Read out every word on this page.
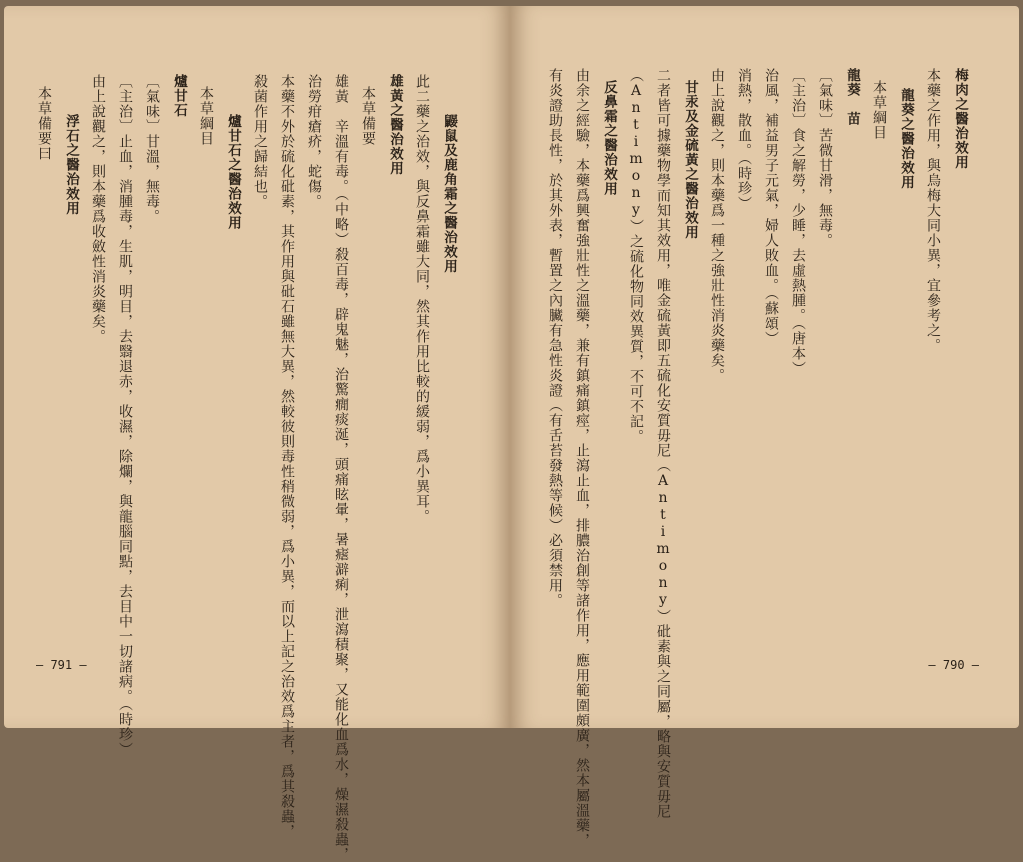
鼹鼠及鹿角霜之醫治效用
此二藥之治效，與反鼻霜雖大同，然其作用比較的緩弱，爲小異耳。
雄黃之醫治效用
本草備要
雄黃　辛溫有毒。（中略）殺百毒，辟鬼魅，治驚癇痰涎，頭痛眩暈，暑瘧澼痢，泄瀉積聚，又能化血爲水，燥濕殺蟲，
治勞疳瘡疥，蛇傷。
本藥不外於硫化砒素，其作用與砒石雖無大異，然較彼則毒性稍微弱，爲小異，而以上記之治效爲主者，爲其殺蟲，
殺菌作用之歸結也。
爐甘石之醫治效用
本草綱目
爐甘石
〔氣味〕甘溫，無毒。
〔主治〕止血，消腫毒，生肌，明目，去翳退赤，收濕，除爛，與龍腦同點，去目中一切諸病。（時珍）
由上說觀之，則本藥爲收斂性消炎藥矣。
浮石之醫治效用
本草備要曰
— 791 —
梅肉之醫治效用
本藥之作用，與烏梅大同小異，宜參考之。
龍葵之醫治效用
本草綱目
龍葵　苗
〔氣味〕苦微甘滑，無毒。
〔主治〕食之解勞，少睡，去虛熱腫。（唐本）
治風，補益男子元氣，婦人敗血。（蘇頌）
消熱，散血。（時珍）
由上說觀之，則本藥爲一種之強壯性消炎藥矣。
甘汞及金硫黃之醫治效用
二者皆可據藥物學而知其效用，唯金硫黃即五硫化安質毋尼（Antimony）砒素與之同屬，略與安質毋尼
（Antimony）之硫化物同效異質，不可不記。
反鼻霜之醫治效用
由余之經驗，本藥爲興奮強壯性之溫藥，兼有鎮痛鎮痙，止瀉止血，排膿治創等諸作用，應用範圍頗廣，然本屬溫藥，
有炎證助長性，於其外表，暫置之內臟有急性炎證（有舌苔發熱等候）必須禁用。
— 790 —
